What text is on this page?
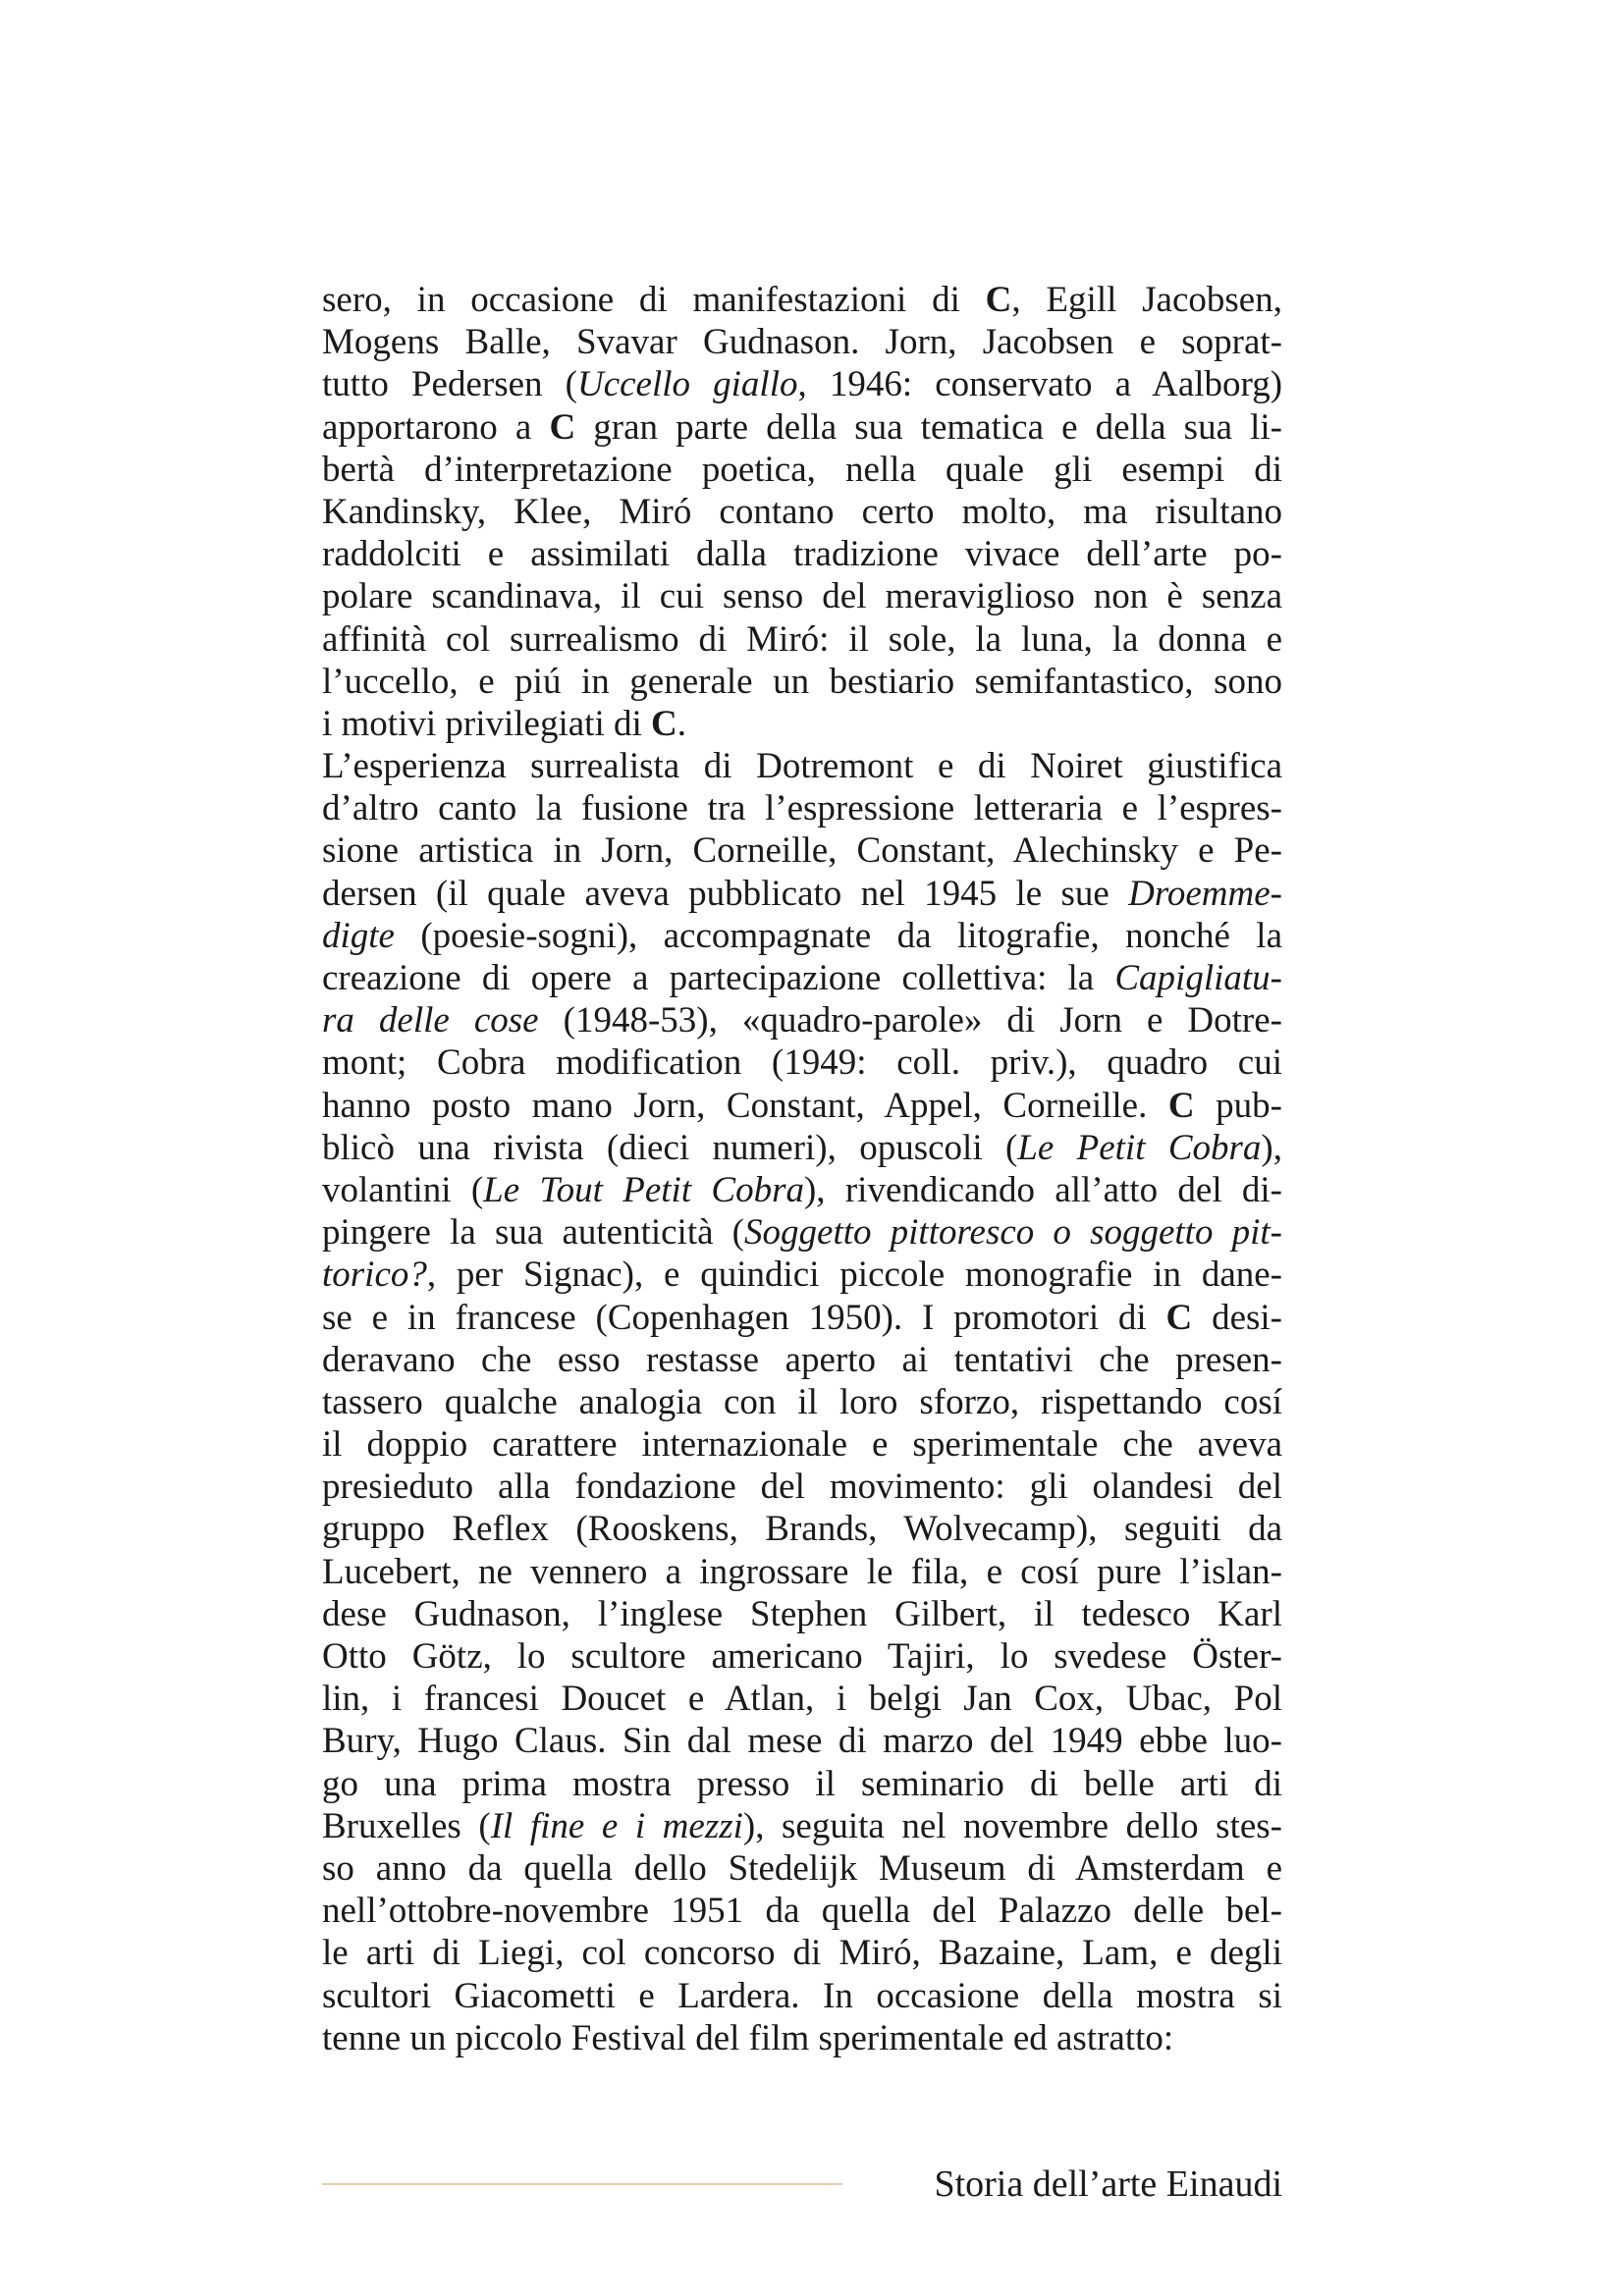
sero, in occasione di manifestazioni di C, Egill Jacobsen,
Mogens Balle, Svavar Gudnason. Jorn, Jacobsen e soprat-
tutto Pedersen (Uccello giallo, 1946: conservato a Aalborg)
apportarono a C gran parte della sua tematica e della sua li-
bertà d’interpretazione poetica, nella quale gli esempi di
Kandinsky, Klee, Miró contano certo molto, ma risultano
raddolciti e assimilati dalla tradizione vivace dell’arte po-
polare scandinava, il cui senso del meraviglioso non è senza
affinità col surrealismo di Miró: il sole, la luna, la donna e
l’uccello, e piú in generale un bestiario semifantastico, sono
i motivi privilegiati di C.
L’esperienza surrealista di Dotremont e di Noiret giustifica
d’altro canto la fusione tra l’espressione letteraria e l’espres-
sione artistica in Jorn, Corneille, Constant, Alechinsky e Pe-
dersen (il quale aveva pubblicato nel 1945 le sue Droemme-
digte (poesie-sogni), accompagnate da litografie, nonché la
creazione di opere a partecipazione collettiva: la Capigliatu-
ra delle cose (1948-53), «quadro-parole» di Jorn e Dotre-
mont; Cobra modification (1949: coll. priv.), quadro cui
hanno posto mano Jorn, Constant, Appel, Corneille. C pub-
blicò una rivista (dieci numeri), opuscoli (Le Petit Cobra),
volantini (Le Tout Petit Cobra), rivendicando all’atto del di-
pingere la sua autenticità (Soggetto pittoresco o soggetto pit-
torico?, per Signac), e quindici piccole monografie in dane-
se e in francese (Copenhagen 1950). I promotori di C desi-
deravano che esso restasse aperto ai tentativi che presen-
tassero qualche analogia con il loro sforzo, rispettando cosí
il doppio carattere internazionale e sperimentale che aveva
presieduto alla fondazione del movimento: gli olandesi del
gruppo Reflex (Rooskens, Brands, Wolvecamp), seguiti da
Lucebert, ne vennero a ingrossare le fila, e cosí pure l’islan-
dese Gudnason, l’inglese Stephen Gilbert, il tedesco Karl
Otto Götz, lo scultore americano Tajiri, lo svedese Öster-
lin, i francesi Doucet e Atlan, i belgi Jan Cox, Ubac, Pol
Bury, Hugo Claus. Sin dal mese di marzo del 1949 ebbe luo-
go una prima mostra presso il seminario di belle arti di
Bruxelles (Il fine e i mezzi), seguita nel novembre dello stes-
so anno da quella dello Stedelijk Museum di Amsterdam e
nell’ottobre-novembre 1951 da quella del Palazzo delle bel-
le arti di Liegi, col concorso di Miró, Bazaine, Lam, e degli
scultori Giacometti e Lardera. In occasione della mostra si
tenne un piccolo Festival del film sperimentale ed astratto:
Storia dell’arte Einaudi
